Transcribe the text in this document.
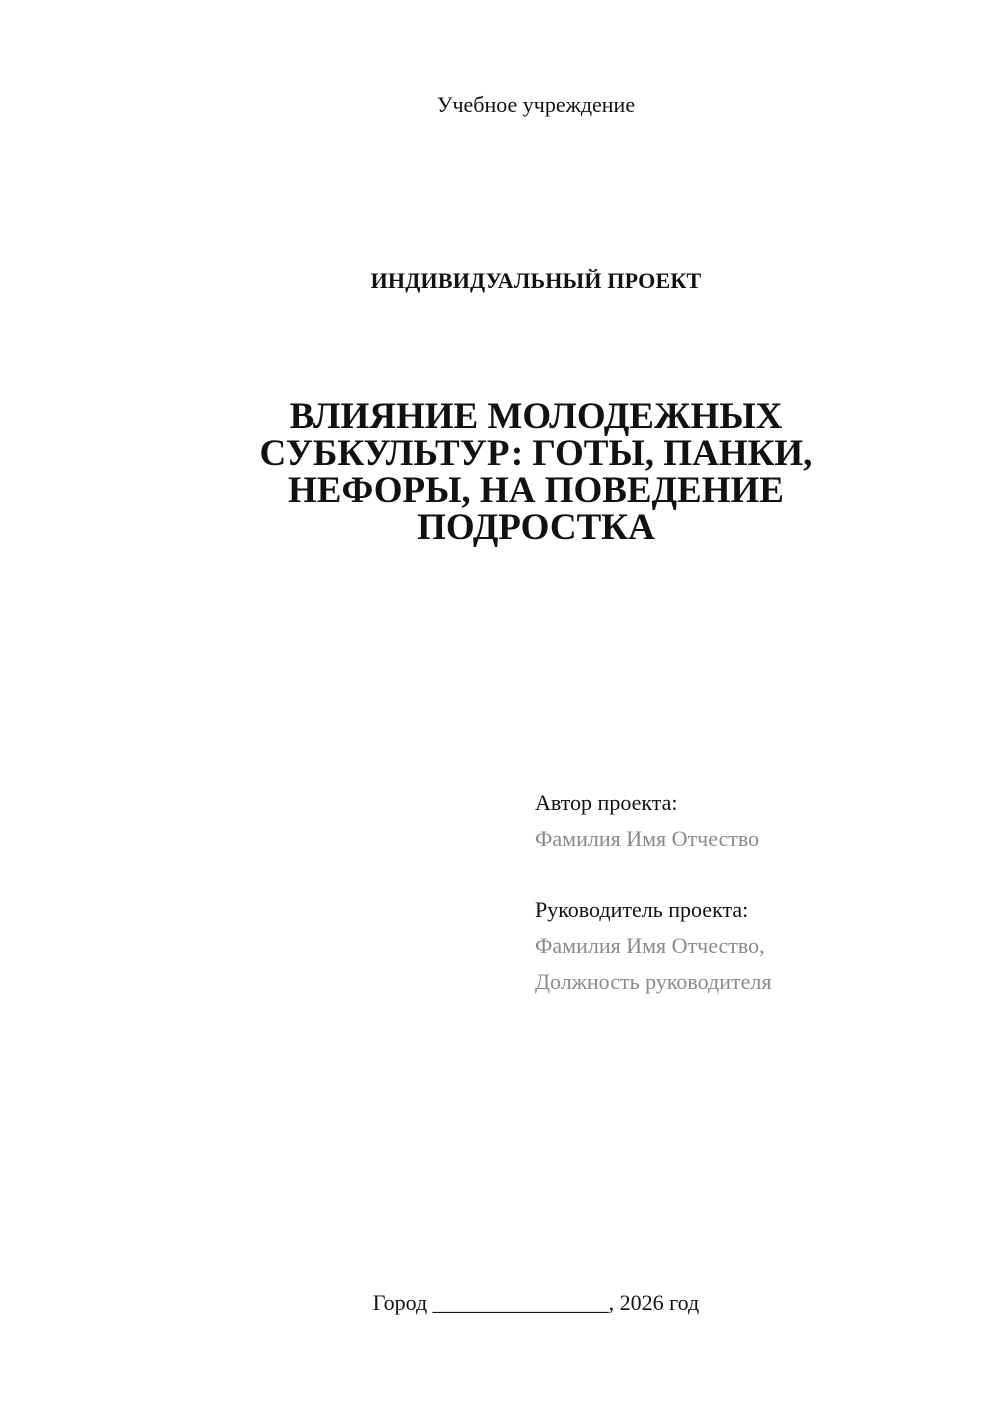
Учебное учреждение
ИНДИВИДУАЛЬНЫЙ ПРОЕКТ
ВЛИЯНИЕ МОЛОДЕЖНЫХ
СУБКУЛЬТУР: ГОТЫ, ПАНКИ,
НЕФОРЫ, НА ПОВЕДЕНИЕ
ПОДРОСТКА
Автор проекта:
Фамилия Имя Отчество
Руководитель проекта:
Фамилия Имя Отчество,
Должность руководителя
Город ________________, 2026 год
